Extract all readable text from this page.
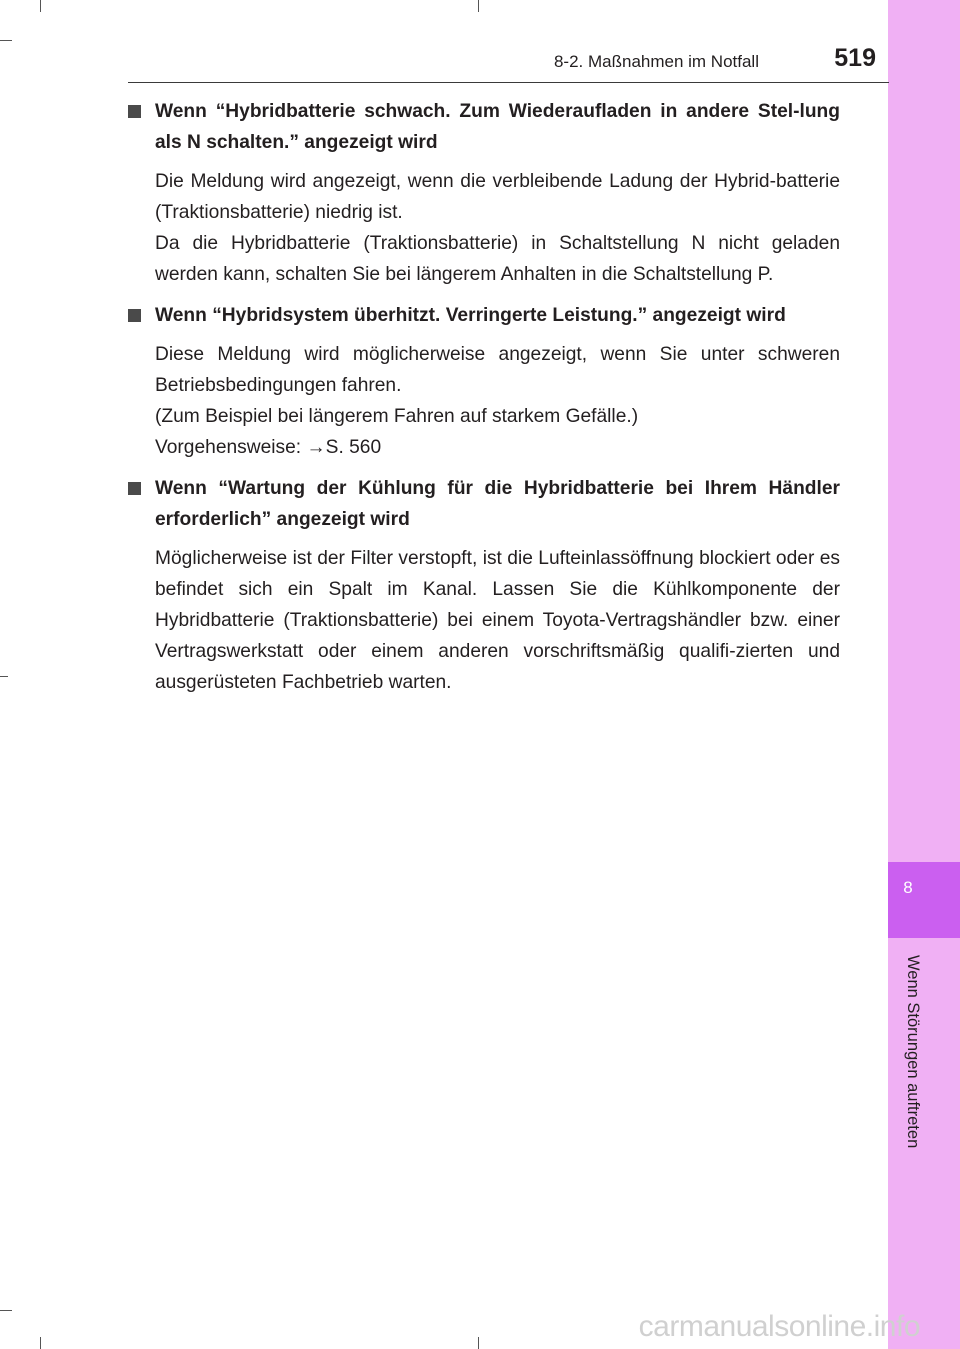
8
Wenn Störungen auftreten
8-2. Maßnahmen im Notfall	519
Wenn “Hybridbatterie schwach. Zum Wiederaufladen in andere Stel-lung als N schalten.” angezeigt wird

Die Meldung wird angezeigt, wenn die verbleibende Ladung der Hybrid-batterie (Traktionsbatterie) niedrig ist.

Da die Hybridbatterie (Traktionsbatterie) in Schaltstellung N nicht geladen werden kann, schalten Sie bei längerem Anhalten in die Schaltstellung P.

Wenn “Hybridsystem überhitzt. Verringerte Leistung.” angezeigt wird

Diese Meldung wird möglicherweise angezeigt, wenn Sie unter schweren Betriebsbedingungen fahren.

(Zum Beispiel bei längerem Fahren auf starkem Gefälle.)

Vorgehensweise: →S. 560

Wenn “Wartung der Kühlung für die Hybridbatterie bei Ihrem Händler erforderlich” angezeigt wird

Möglicherweise ist der Filter verstopft, ist die Lufteinlassöffnung blockiert oder es befindet sich ein Spalt im Kanal. Lassen Sie die Kühlkomponente der Hybridbatterie (Traktionsbatterie) bei einem Toyota-Vertragshändler bzw. einer Vertragswerkstatt oder einem anderen vorschriftsmäßig qualifi-zierten und ausgerüsteten Fachbetrieb warten.

carmanualsonline.info
